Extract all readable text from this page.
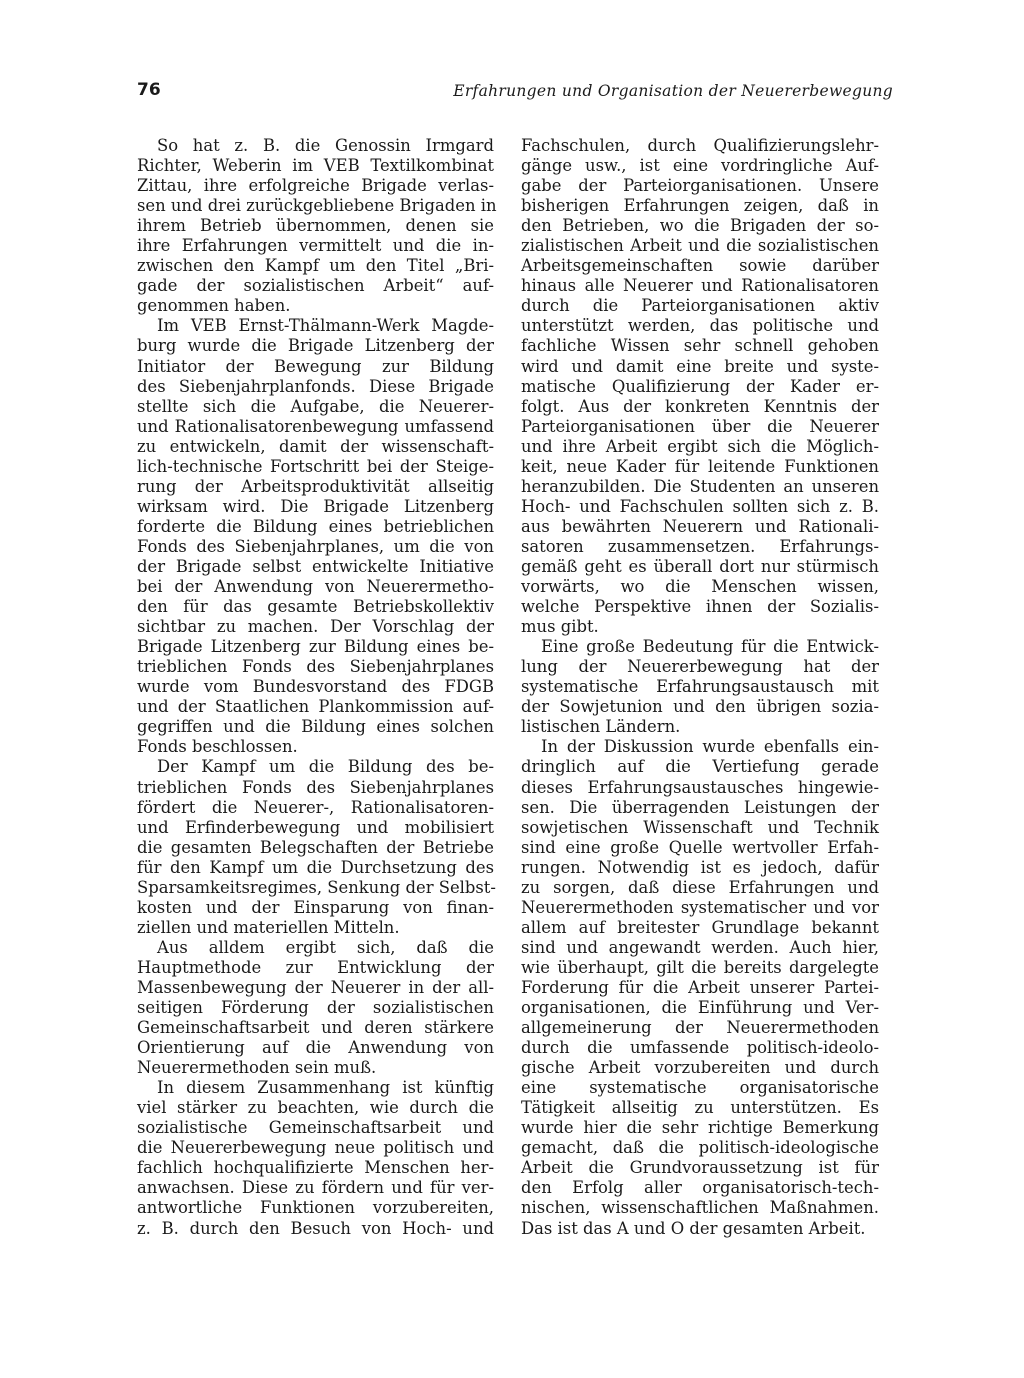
76	Erfahrungen und Organisation der Neuererbewegung
So hat z. B. die Genossin Irmgard
Richter, Weberin im VEB Textilkombinat
Zittau, ihre erfolgreiche Brigade verlas-
sen und drei zurückgebliebene Brigaden in
ihrem Betrieb übernommen, denen sie
ihre Erfahrungen vermittelt und die in-
zwischen den Kampf um den Titel „Bri-
gade der sozialistischen Arbeit“ auf-
genommen haben.
Im VEB Ernst-Thälmann-Werk Magde-
burg wurde die Brigade Litzenberg der
Initiator der Bewegung zur Bildung
des Siebenjahrplanfonds. Diese Brigade
stellte sich die Aufgabe, die Neuerer-
und Rationalisatorenbewegung umfassend
zu entwickeln, damit der wissenschaft-
lich-technische Fortschritt bei der Steige-
rung der Arbeitsproduktivität allseitig
wirksam wird. Die Brigade Litzenberg
forderte die Bildung eines betrieblichen
Fonds des Siebenjahrplanes, um die von
der Brigade selbst entwickelte Initiative
bei der Anwendung von Neuerermetho-
den für das gesamte Betriebskollektiv
sichtbar zu machen. Der Vorschlag der
Brigade Litzenberg zur Bildung eines be-
trieblichen Fonds des Siebenjahrplanes
wurde vom Bundesvorstand des FDGB
und der Staatlichen Plankommission auf-
gegriffen und die Bildung eines solchen
Fonds beschlossen.
Der Kampf um die Bildung des be-
trieblichen Fonds des Siebenjahrplanes
fördert die Neuerer-, Rationalisatoren-
und Erfinderbewegung und mobilisiert
die gesamten Belegschaften der Betriebe
für den Kampf um die Durchsetzung des
Sparsamkeitsregimes, Senkung der Selbst-
kosten und der Einsparung von finan-
ziellen und materiellen Mitteln.
Aus alldem ergibt sich, daß die
Hauptmethode zur Entwicklung der
Massenbewegung der Neuerer in der all-
seitigen Förderung der sozialistischen
Gemeinschaftsarbeit und deren stärkere
Orientierung auf die Anwendung von
Neuerermethoden sein muß.
In diesem Zusammenhang ist künftig
viel stärker zu beachten, wie durch die
sozialistische Gemeinschaftsarbeit und
die Neuererbewegung neue politisch und
fachlich hochqualifizierte Menschen her-
anwachsen. Diese zu fördern und für ver-
antwortliche Funktionen vorzubereiten,
z. B. durch den Besuch von Hoch- und
Fachschulen, durch Qualifizierungslehr-
gänge usw., ist eine vordringliche Auf-
gabe der Parteiorganisationen. Unsere
bisherigen Erfahrungen zeigen, daß in
den Betrieben, wo die Brigaden der so-
zialistischen Arbeit und die sozialistischen
Arbeitsgemeinschaften sowie darüber
hinaus alle Neuerer und Rationalisatoren
durch die Parteiorganisationen aktiv
unterstützt werden, das politische und
fachliche Wissen sehr schnell gehoben
wird und damit eine breite und syste-
matische Qualifizierung der Kader er-
folgt. Aus der konkreten Kenntnis der
Parteiorganisationen über die Neuerer
und ihre Arbeit ergibt sich die Möglich-
keit, neue Kader für leitende Funktionen
heranzubilden. Die Studenten an unseren
Hoch- und Fachschulen sollten sich z. B.
aus bewährten Neuerern und Rationali-
satoren zusammensetzen. Erfahrungs-
gemäß geht es überall dort nur stürmisch
vorwärts, wo die Menschen wissen,
welche Perspektive ihnen der Sozialis-
mus gibt.
Eine große Bedeutung für die Entwick-
lung der Neuererbewegung hat der
systematische Erfahrungsaustausch mit
der Sowjetunion und den übrigen sozia-
listischen Ländern.
In der Diskussion wurde ebenfalls ein-
dringlich auf die Vertiefung gerade
dieses Erfahrungsaustausches hingewie-
sen. Die überragenden Leistungen der
sowjetischen Wissenschaft und Technik
sind eine große Quelle wertvoller Erfah-
rungen. Notwendig ist es jedoch, dafür
zu sorgen, daß diese Erfahrungen und
Neuerermethoden systematischer und vor
allem auf breitester Grundlage bekannt
sind und angewandt werden. Auch hier,
wie überhaupt, gilt die bereits dargelegte
Forderung für die Arbeit unserer Partei-
organisationen, die Einführung und Ver-
allgemeinerung der Neuerermethoden
durch die umfassende politisch-ideolo-
gische Arbeit vorzubereiten und durch
eine systematische organisatorische
Tätigkeit allseitig zu unterstützen. Es
wurde hier die sehr richtige Bemerkung
gemacht, daß die politisch-ideologische
Arbeit die Grundvoraussetzung ist für
den Erfolg aller organisatorisch-tech-
nischen, wissenschaftlichen Maßnahmen.
Das ist das A und O der gesamten Arbeit.
